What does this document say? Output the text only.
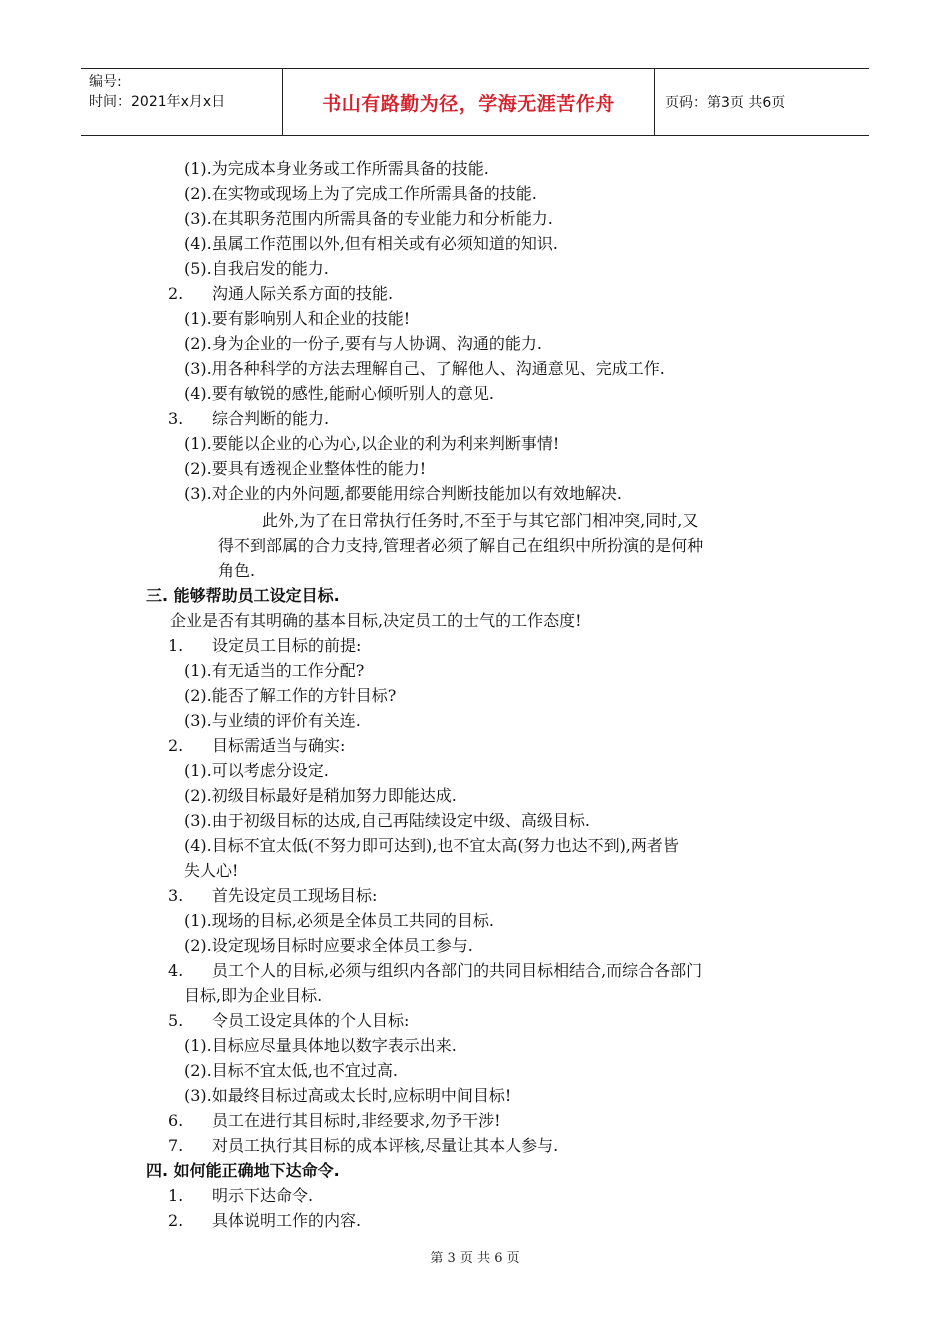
编号:
时间：2021年x月x日	书山有路勤为径，学海无涯苦作舟	页码：第3页 共6页
(1).为完成本身业务或工作所需具备的技能.
(2).在实物或现场上为了完成工作所需具备的技能.
(3).在其职务范围内所需具备的专业能力和分析能力.
(4).虽属工作范围以外,但有相关或有必须知道的知识.
(5).自我启发的能力.
2. 沟通人际关系方面的技能.
(1).要有影响别人和企业的技能!
(2).身为企业的一份子,要有与人协调、沟通的能力.
(3).用各种科学的方法去理解自己、了解他人、沟通意见、完成工作.
(4).要有敏锐的感性,能耐心倾听别人的意见.
3. 综合判断的能力.
(1).要能以企业的心为心,以企业的利为利来判断事情!
(2).要具有透视企业整体性的能力!
(3).对企业的内外问题,都要能用综合判断技能加以有效地解决.
此外,为了在日常执行任务时,不至于与其它部门相冲突,同时,又
得不到部属的合力支持,管理者必须了解自己在组织中所扮演的是何种
角色.
三. 能够帮助员工设定目标.
企业是否有其明确的基本目标,决定员工的士气的工作态度!
1. 设定员工目标的前提:
(1).有无适当的工作分配?
(2).能否了解工作的方针目标?
(3).与业绩的评价有关连.
2. 目标需适当与确实:
(1).可以考虑分设定.
(2).初级目标最好是稍加努力即能达成.
(3).由于初级目标的达成,自己再陆续设定中级、高级目标.
(4).目标不宜太低(不努力即可达到),也不宜太高(努力也达不到),两者皆
失人心!
3. 首先设定员工现场目标:
(1).现场的目标,必须是全体员工共同的目标.
(2).设定现场目标时应要求全体员工参与.
4. 员工个人的目标,必须与组织内各部门的共同目标相结合,而综合各部门
目标,即为企业目标.
5. 令员工设定具体的个人目标:
(1).目标应尽量具体地以数字表示出来.
(2).目标不宜太低,也不宜过高.
(3).如最终目标过高或太长时,应标明中间目标!
6. 员工在进行其目标时,非经要求,勿予干涉!
7. 对员工执行其目标的成本评核,尽量让其本人参与.
四. 如何能正确地下达命令.
1. 明示下达命令.
2. 具体说明工作的内容.
第 3 页 共 6 页
